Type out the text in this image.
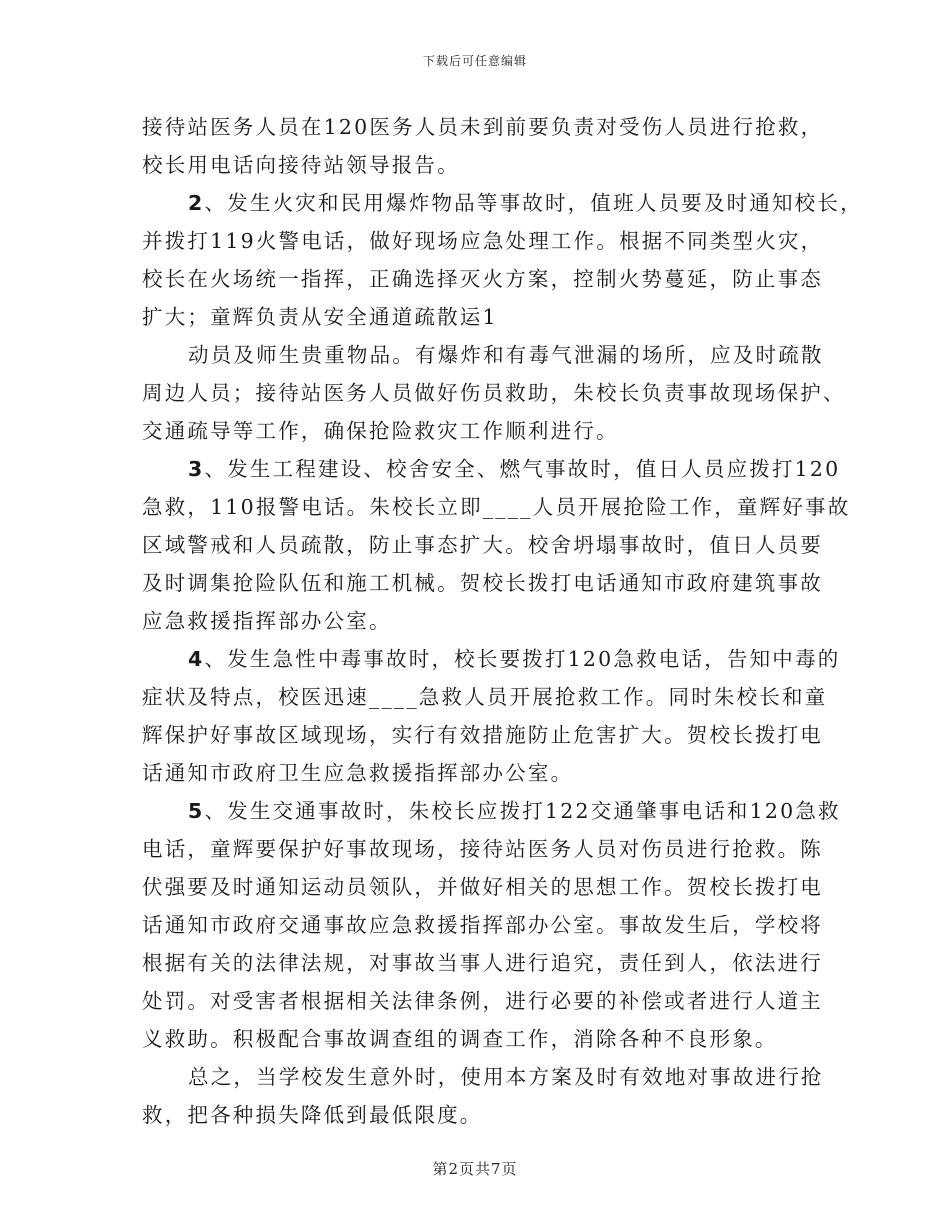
下载后可任意编辑
接待站医务人员在120医务人员未到前要负责对受伤人员进行抢救，
校长用电话向接待站领导报告。
2、发生火灾和民用爆炸物品等事故时，值班人员要及时通知校长，
并拨打119火警电话，做好现场应急处理工作。根据不同类型火灾，
校长在火场统一指挥，正确选择灭火方案，控制火势蔓延，防止事态
扩大；童辉负责从安全通道疏散运1
动员及师生贵重物品。有爆炸和有毒气泄漏的场所，应及时疏散
周边人员；接待站医务人员做好伤员救助，朱校长负责事故现场保护、
交通疏导等工作，确保抢险救灾工作顺利进行。
3、发生工程建设、校舍安全、燃气事故时，值日人员应拨打120
急救，110报警电话。朱校长立即____人员开展抢险工作，童辉好事故
区域警戒和人员疏散，防止事态扩大。校舍坍塌事故时，值日人员要
及时调集抢险队伍和施工机械。贺校长拨打电话通知市政府建筑事故
应急救援指挥部办公室。
4、发生急性中毒事故时，校长要拨打120急救电话，告知中毒的
症状及特点，校医迅速____急救人员开展抢救工作。同时朱校长和童
辉保护好事故区域现场，实行有效措施防止危害扩大。贺校长拨打电
话通知市政府卫生应急救援指挥部办公室。
5、发生交通事故时，朱校长应拨打122交通肇事电话和120急救
电话，童辉要保护好事故现场，接待站医务人员对伤员进行抢救。陈
伏强要及时通知运动员领队，并做好相关的思想工作。贺校长拨打电
话通知市政府交通事故应急救援指挥部办公室。事故发生后，学校将
根据有关的法律法规，对事故当事人进行追究，责任到人，依法进行
处罚。对受害者根据相关法律条例，进行必要的补偿或者进行人道主
义救助。积极配合事故调查组的调查工作，消除各种不良形象。
总之，当学校发生意外时，使用本方案及时有效地对事故进行抢
救，把各种损失降低到最低限度。
第2页共7页
